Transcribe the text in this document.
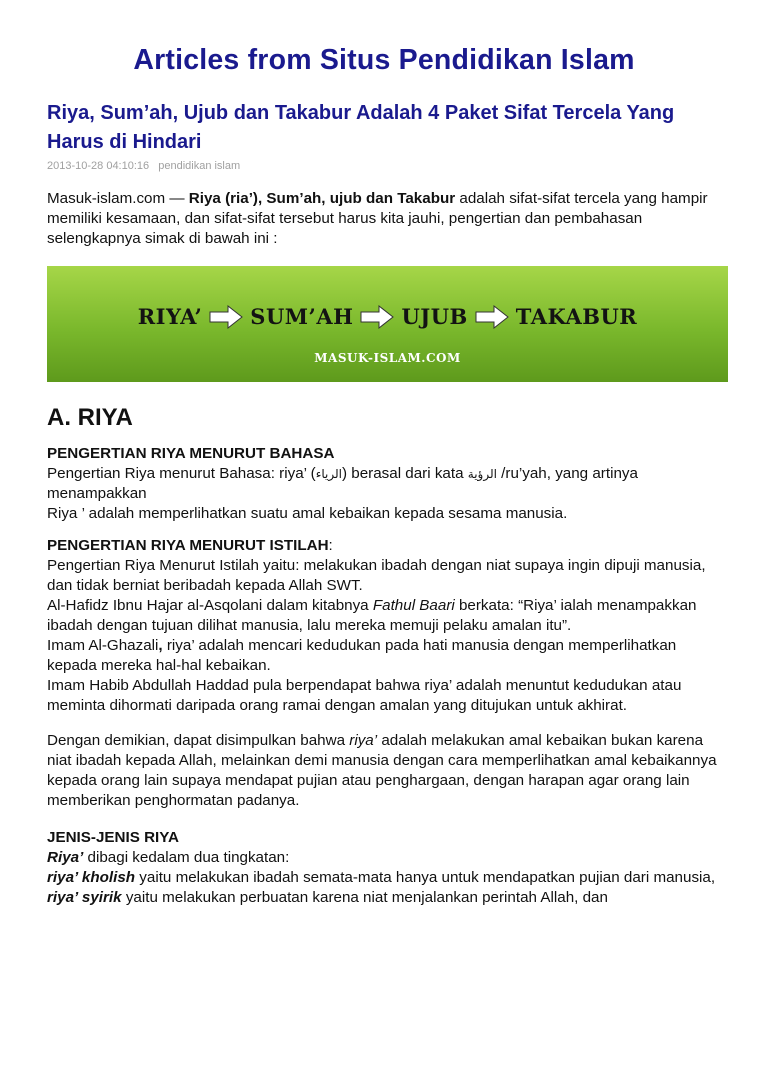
Articles from Situs Pendidikan Islam
Riya, Sum’ah, Ujub dan Takabur Adalah 4 Paket Sifat Tercela Yang Harus di Hindari
2013-10-28 04:10:16 pendidikan islam

Masuk-islam.com — Riya (ria’), Sum’ah, ujub dan Takabur adalah sifat-sifat tercela yang hampir memiliki kesamaan, dan sifat-sifat tersebut harus kita jauhi, pengertian dan pembahasan selengkapnya simak di bawah ini :

RIYA’ SUM’AH UJUB TAKABUR
MASUK-ISLAM.COM
A. RIYA

PENGERTIAN RIYA MENURUT BAHASA

Pengertian Riya menurut Bahasa: riya’ (الرياء) berasal dari kata الرؤية /ru’yah, yang artinya menampakkan

Riya ’ adalah memperlihatkan suatu amal kebaikan kepada sesama manusia.

PENGERTIAN RIYA MENURUT ISTILAH:

Pengertian Riya Menurut Istilah yaitu: melakukan ibadah dengan niat supaya ingin dipuji manusia, dan tidak berniat beribadah kepada Allah SWT.

Al-Hafidz Ibnu Hajar al-Asqolani dalam kitabnya Fathul Baari berkata: “Riya’ ialah menampakkan ibadah dengan tujuan dilihat manusia, lalu mereka memuji pelaku amalan itu”.

Imam Al-Ghazali, riya’ adalah mencari kedudukan pada hati manusia dengan memperlihatkan kepada mereka hal-hal kebaikan.

Imam Habib Abdullah Haddad pula berpendapat bahwa riya’ adalah menuntut kedudukan atau meminta dihormati daripada orang ramai dengan amalan yang ditujukan untuk akhirat.

Dengan demikian, dapat disimpulkan bahwa riya’ adalah melakukan amal kebaikan bukan karena niat ibadah kepada Allah, melainkan demi manusia dengan cara memperlihatkan amal kebaikannya kepada orang lain supaya mendapat pujian atau penghargaan, dengan harapan agar orang lain memberikan penghormatan padanya.

JENIS-JENIS RIYA

Riya’ dibagi kedalam dua tingkatan:

riya’ kholish yaitu melakukan ibadah semata-mata hanya untuk mendapatkan pujian dari manusia,

riya’ syirik yaitu melakukan perbuatan karena niat menjalankan perintah Allah, dan
